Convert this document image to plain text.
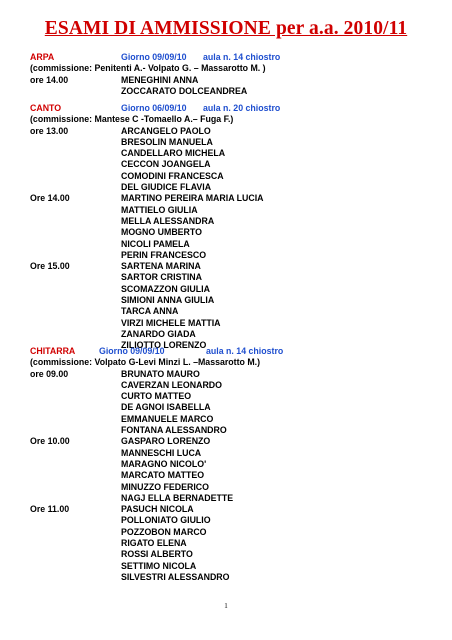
ESAMI DI AMMISSIONE per a.a. 2010/11
ARPA	Giorno 09/09/10 aula n. 14 chiostro
(commissione: Penitenti A.- Volpato G. – Massarotto M. )
ore 14.00	MENEGHINI ANNA
ZOCCARATO DOLCEANDREA
CANTO	Giorno 06/09/10 aula n. 20 chiostro
(commissione: Mantese C -Tomaello A.– Fuga F.)
ore 13.00	ARCANGELO PAOLO
BRESOLIN MANUELA
CANDELLARO MICHELA
CECCON JOANGELA
COMODINI FRANCESCA
DEL GIUDICE FLAVIA
Ore 14.00	MARTINO PEREIRA MARIA LUCIA
MATTIELO GIULIA
MELLA ALESSANDRA
MOGNO UMBERTO
NICOLI PAMELA
PERIN FRANCESCO
Ore 15.00	SARTENA MARINA
SARTOR CRISTINA
SCOMAZZON GIULIA
SIMIONI ANNA GIULIA
TARCA ANNA
VIRZI MICHELE MATTIA
ZANARDO GIADA
ZILIOTTO LORENZO
CHITARRA	Giorno 09/09/10	aula n. 14 chiostro
(commissione: Volpato G-Levi Minzi L. –Massarotto M.)
ore 09.00	BRUNATO MAURO
CAVERZAN LEONARDO
CURTO MATTEO
DE AGNOI ISABELLA
EMMANUELE MARCO
FONTANA ALESSANDRO
Ore 10.00	GASPARO LORENZO
MANNESCHI LUCA
MARAGNO NICOLO'
MARCATO MATTEO
MINUZZO FEDERICO
NAGJ ELLA BERNADETTE
Ore 11.00	PASUCH NICOLA
POLLONIATO GIULIO
POZZOBON MARCO
RIGATO ELENA
ROSSI ALBERTO
SETTIMO NICOLA
SILVESTRI ALESSANDRO
1
